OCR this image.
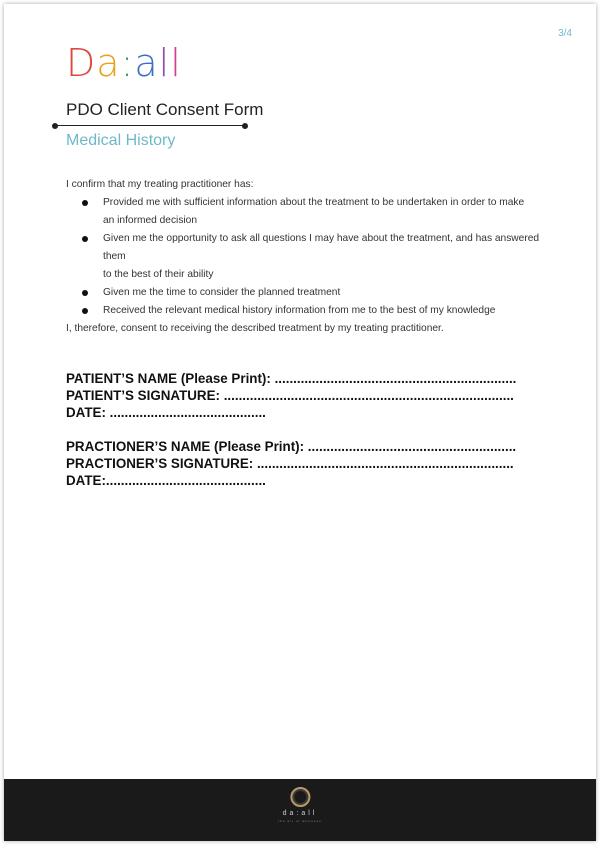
3/4
Da:all
PDO Client Consent Form
Medical History

I confirm that my treating practitioner has:

Provided me with sufficient information about the treatment to be undertaken in order to make
an informed decision
Given me the opportunity to ask all questions I may have about the treatment, and has answered them
to the best of their ability
Given me the time to consider the planned treatment
Received the relevant medical history information from me to the best of my knowledge

I, therefore, consent to receiving the described treatment by my treating practitioner.

PATIENT’S NAME (Please Print): .................................................................
PATIENT’S SIGNATURE: ..............................................................................
DATE: ..........................................
PRACTIONER’S NAME (Please Print): ........................................................
PRACTIONER’S SIGNATURE: .....................................................................
DATE:...........................................
da:all
the art of wellness
